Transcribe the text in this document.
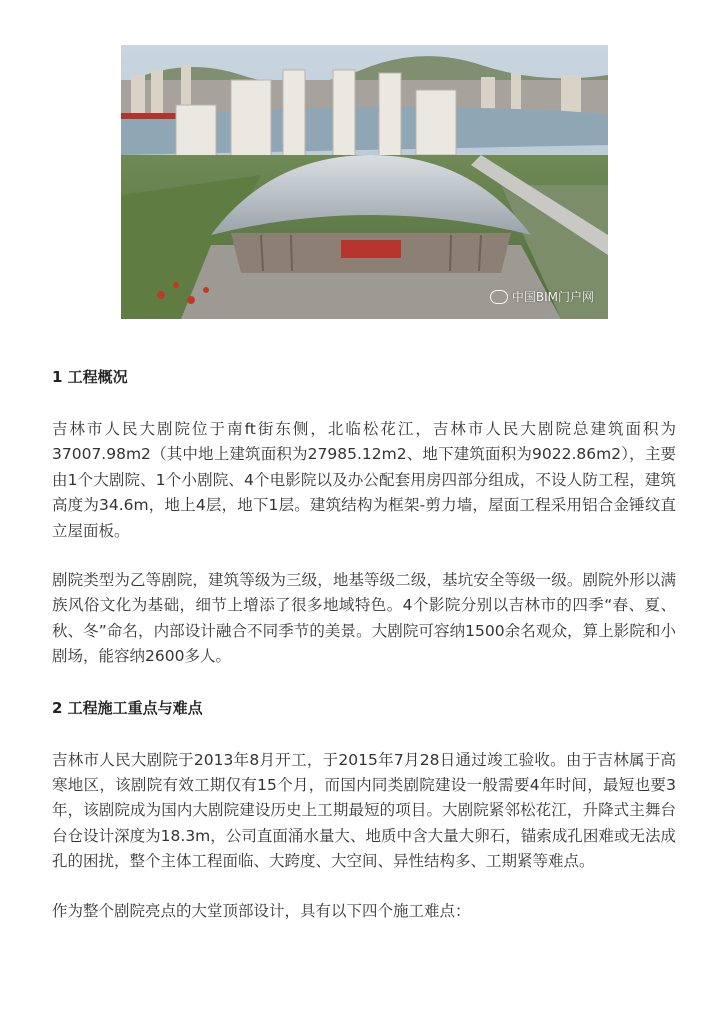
中国BIM门户网
1 工程概况

吉林市人民大剧院位于南ft街东侧，北临松花江，吉林市人民大剧院总建筑面积为37007.98m2（其中地上建筑面积为27985.12m2、地下建筑面积为9022.86m2），主要由1个大剧院、1个小剧院、4个电影院以及办公配套用房四部分组成，不设人防工程，建筑高度为34.6m，地上4层，地下1层。建筑结构为框架-剪力墙，屋面工程采用铝合金锤纹直立屋面板。

剧院类型为乙等剧院，建筑等级为三级，地基等级二级，基坑安全等级一级。剧院外形以满族风俗文化为基础，细节上增添了很多地域特色。4个影院分别以吉林市的四季“春、夏、秋、冬”命名，内部设计融合不同季节的美景。大剧院可容纳1500余名观众，算上影院和小剧场，能容纳2600多人。

2 工程施工重点与难点

吉林市人民大剧院于2013年8月开工，于2015年7月28日通过竣工验收。由于吉林属于高寒地区，该剧院有效工期仅有15个月，而国内同类剧院建设一般需要4年时间，最短也要3年，该剧院成为国内大剧院建设历史上工期最短的项目。大剧院紧邻松花江，升降式主舞台台仓设计深度为18.3m，公司直面涌水量大、地质中含大量大卵石，锚索成孔困难或无法成孔的困扰，整个主体工程面临、大跨度、大空间、异性结构多、工期紧等难点。

作为整个剧院亮点的大堂顶部设计，具有以下四个施工难点：
